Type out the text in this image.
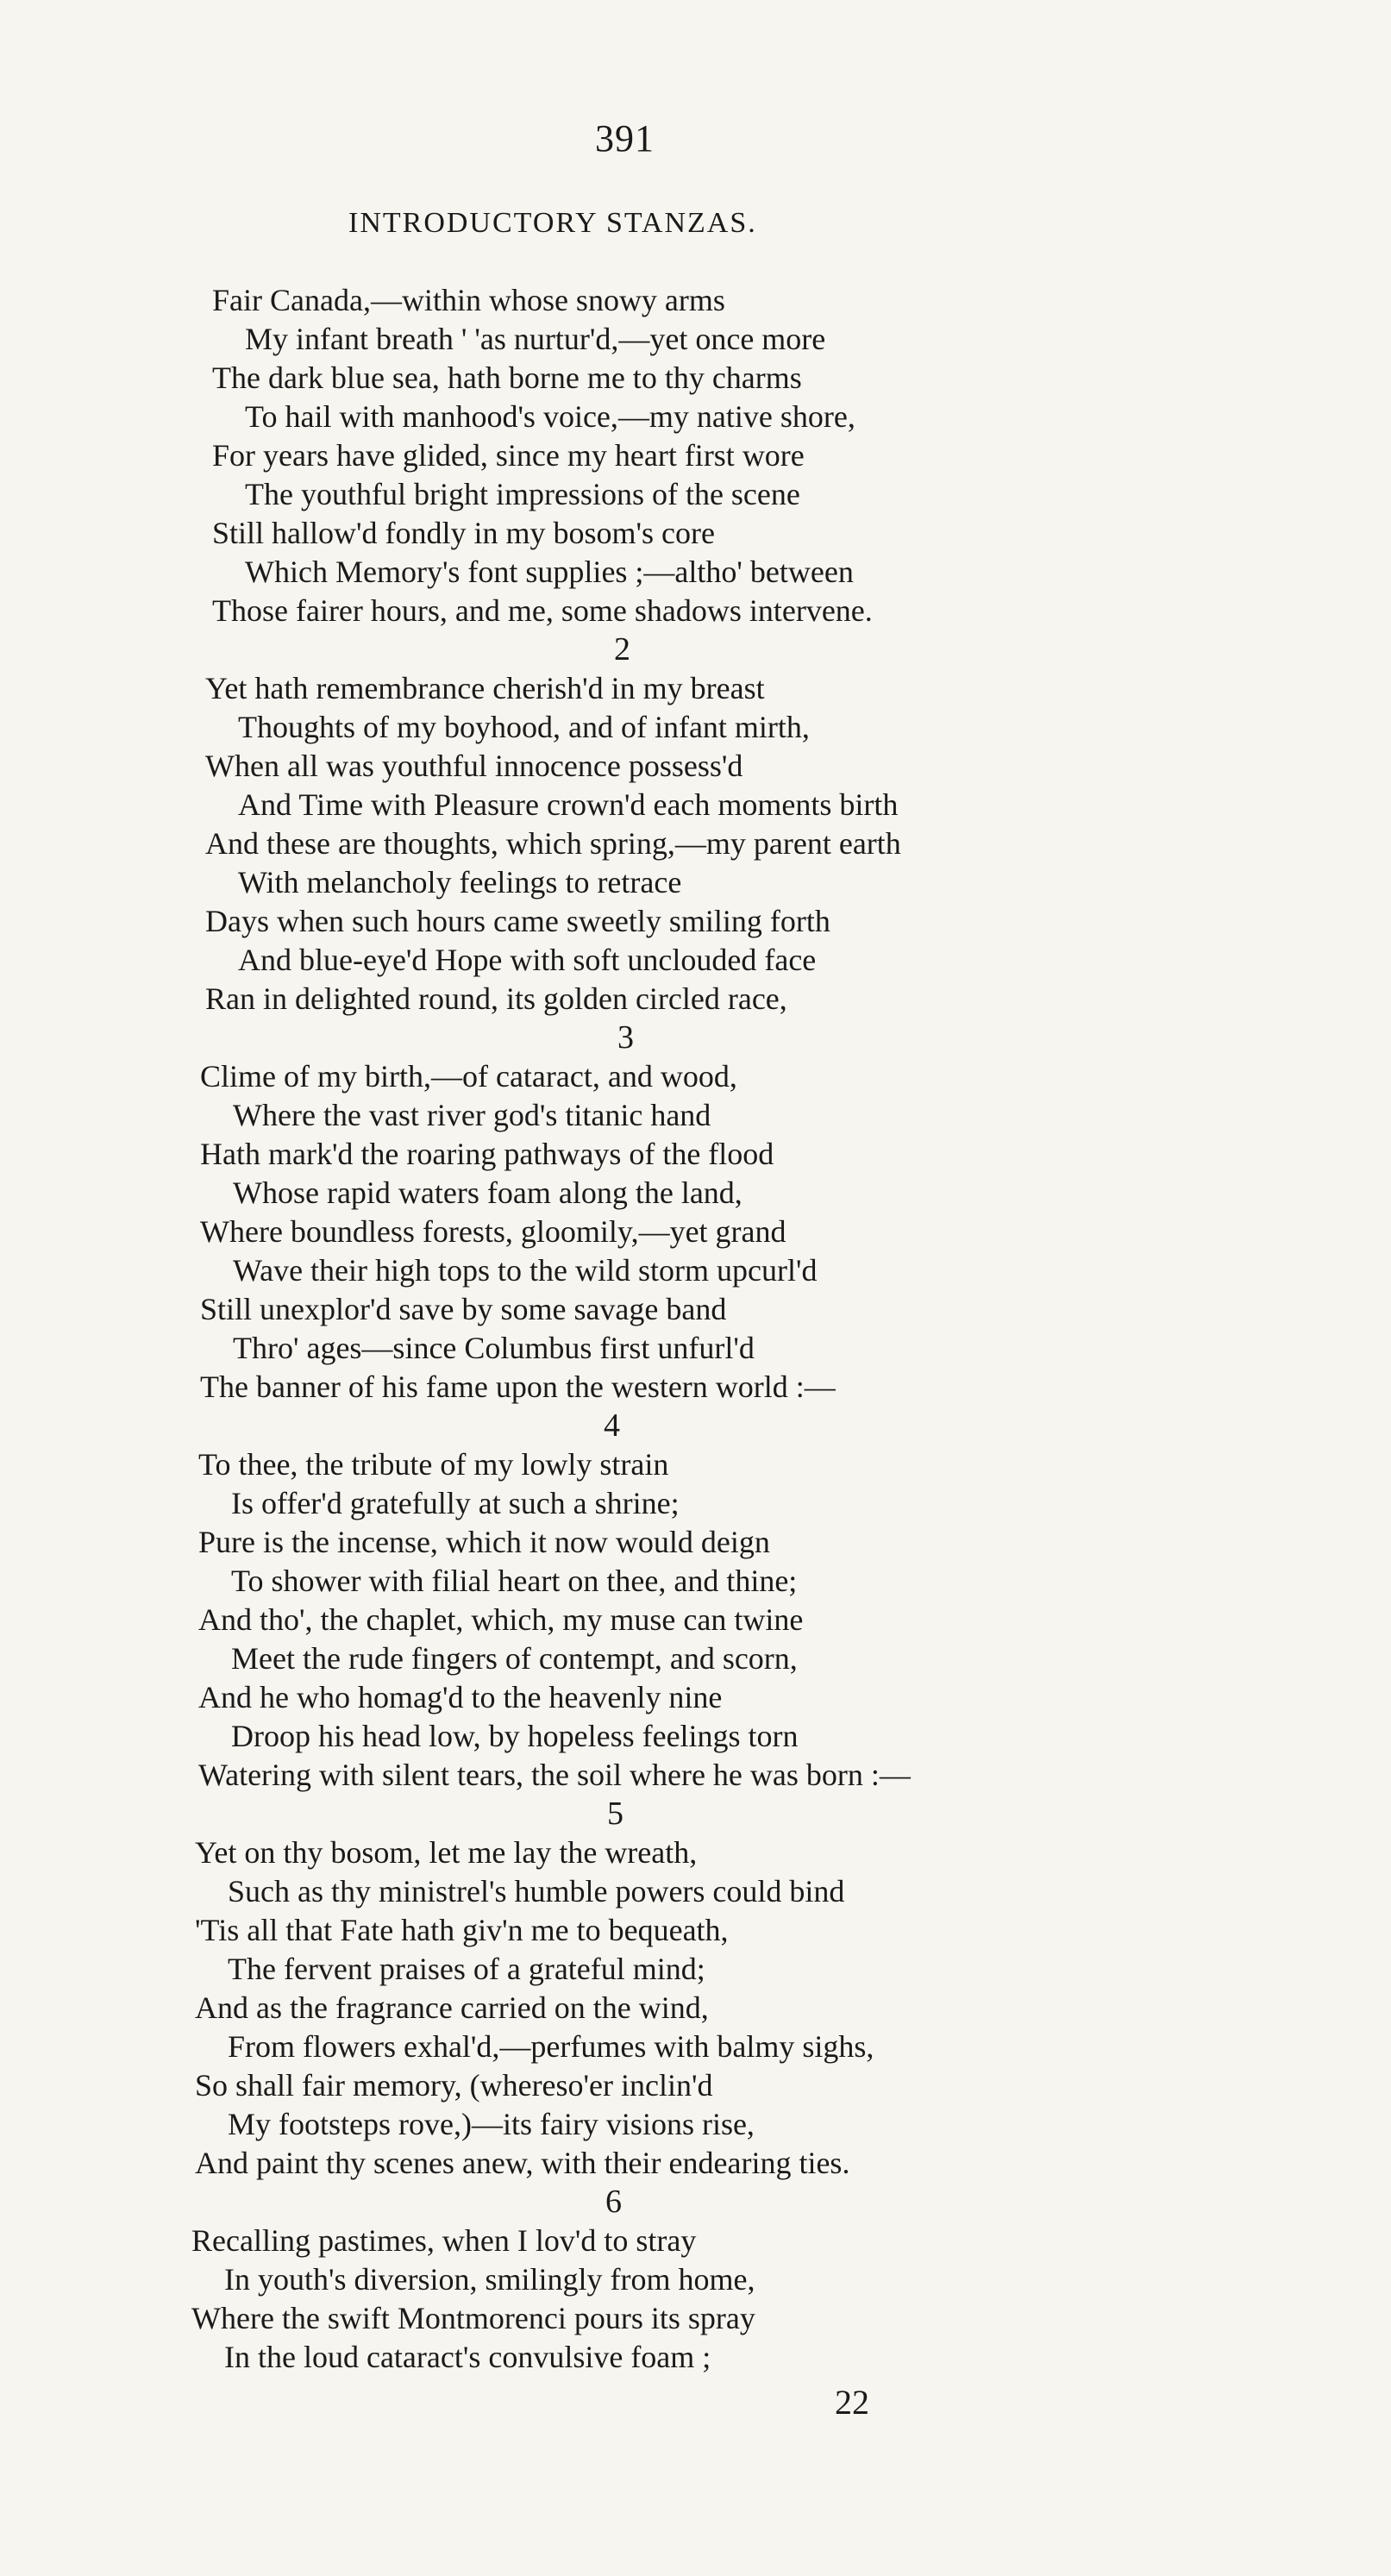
391
INTRODUCTORY STANZAS.
Fair Canada,—within whose snowy arms
My infant breath ' 'as nurtur'd,—yet once more
The dark blue sea, hath borne me to thy charms
To hail with manhood's voice,—my native shore,
For years have glided, since my heart first wore
The youthful bright impressions of the scene
Still hallow'd fondly in my bosom's core
Which Memory's font supplies ;—altho' between
Those fairer hours, and me, some shadows intervene.
2
Yet hath remembrance cherish'd in my breast
Thoughts of my boyhood, and of infant mirth,
When all was youthful innocence possess'd
And Time with Pleasure crown'd each moments birth
And these are thoughts, which spring,—my parent earth
With melancholy feelings to retrace
Days when such hours came sweetly smiling forth
And blue-eye'd Hope with soft unclouded face
Ran in delighted round, its golden circled race,
3
Clime of my birth,—of cataract, and wood,
Where the vast river god's titanic hand
Hath mark'd the roaring pathways of the flood
Whose rapid waters foam along the land,
Where boundless forests, gloomily,—yet grand
Wave their high tops to the wild storm upcurl'd
Still unexplor'd save by some savage band
Thro' ages—since Columbus first unfurl'd
The banner of his fame upon the western world :—
4
To thee, the tribute of my lowly strain
Is offer'd gratefully at such a shrine;
Pure is the incense, which it now would deign
To shower with filial heart on thee, and thine;
And tho', the chaplet, which, my muse can twine
Meet the rude fingers of contempt, and scorn,
And he who homag'd to the heavenly nine
Droop his head low, by hopeless feelings torn
Watering with silent tears, the soil where he was born :—
5
Yet on thy bosom, let me lay the wreath,
Such as thy ministrel's humble powers could bind
'Tis all that Fate hath giv'n me to bequeath,
The fervent praises of a grateful mind;
And as the fragrance carried on the wind,
From flowers exhal'd,—perfumes with balmy sighs,
So shall fair memory, (whereso'er inclin'd
My footsteps rove,)—its fairy visions rise,
And paint thy scenes anew, with their endearing ties.
6
Recalling pastimes, when I lov'd to stray
In youth's diversion, smilingly from home,
Where the swift Montmorenci pours its spray
In the loud cataract's convulsive foam ;
22
